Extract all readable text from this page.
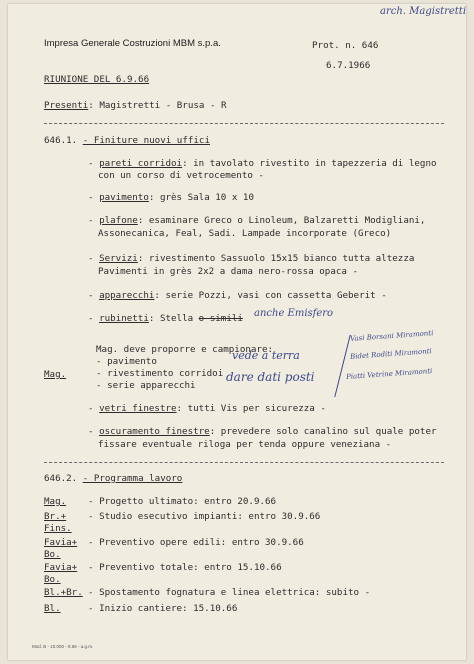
arch. Magistretti
Impresa Generale Costruzioni MBM s.p.a.	Prot. n. 646
6.7.1966
RIUNIONE DEL 6.9.66
Presenti: Magistretti - Brusa - R
646.1. - Finiture nuovi uffici
- pareti corridoi: in tavolato rivestito in tapezzeria di legno
con un corso di vetrocemento -
- pavimento: grès Sala 10 x 10
- plafone: esaminare Greco o Linoleum, Balzaretti Modigliani,
Assonecanica, Feal, Sadi. Lampade incorporate (Greco)
- Servizi: rivestimento Sassuolo 15x15 bianco tutta altezza
Pavimenti in grès 2x2 a dama nero-rossa opaca -
- apparecchi: serie Pozzi, vasi con cassetta Geberit -
- rubinetti: Stella o simili anche Emisfero
Mag. deve proporre e campionare:
Mag.
- pavimento
- rivestimento corridoi
- serie apparecchi
vede a terra
dare dati posti
Vasi Borsani Miramonti
Bidet Roditi Miramonti
Piatti Vetrine Miramonti
- vetri finestre: tutti Vis per sicurezza -
- oscuramento finestre: prevedere solo canalino sul quale poter
fissare eventuale riloga per tenda oppure veneziana -
646.2. - Programma lavoro
Mag. - Progetto ultimato: entro 20.9.66
Br.+ - Studio esecutivo impianti: entro 30.9.66
Fins.
Favia+ - Preventivo opere edili: entro 30.9.66
Bo.
Favia+ - Preventivo totale: entro 15.10.66
Bo.
Bl.+Br. - Spostamento fognatura e linea elettrica: subito -
Bl.	- Inizio cantiere: 15.10.66
Mod. B - 10.000 - 8.65 - a.g.m.
